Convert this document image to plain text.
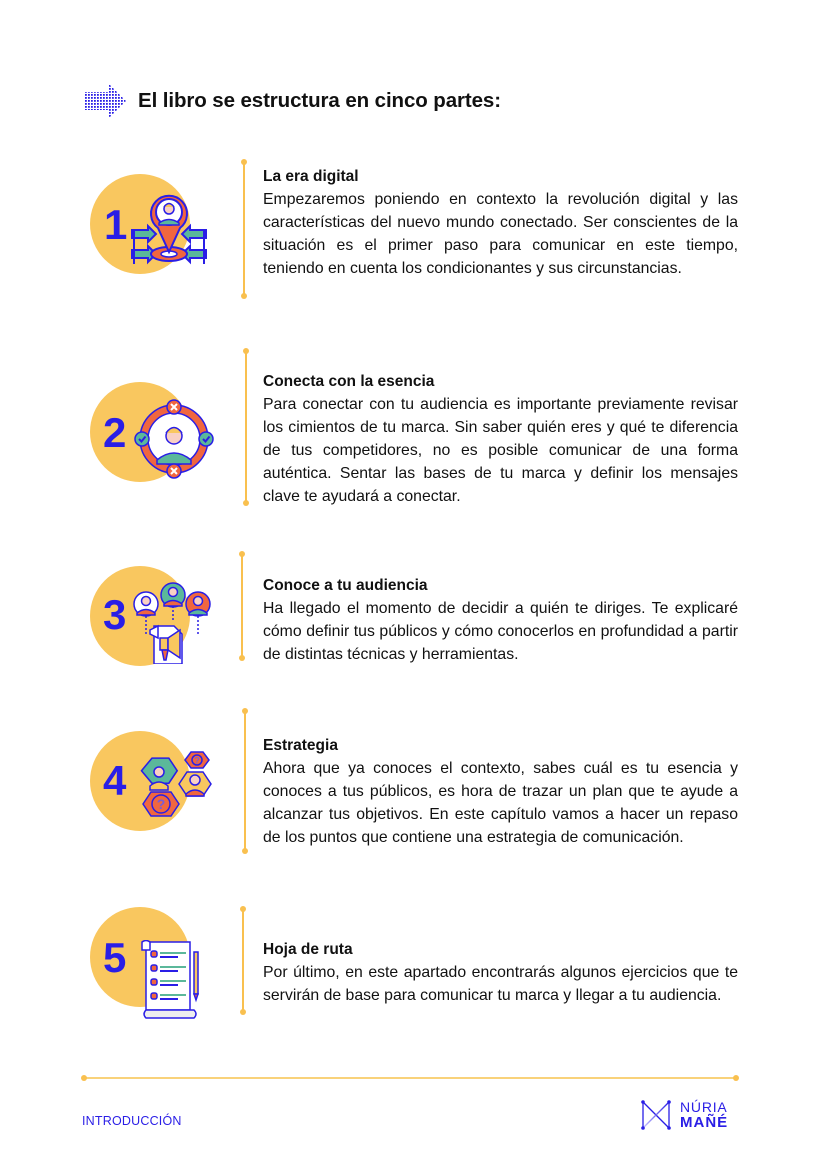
El libro se estructura en cinco partes:
1
La era digital
Empezaremos poniendo en contexto la revolución digital y las características del nuevo mundo conectado. Ser conscientes de la situación es el primer paso para comunicar en este tiempo, teniendo en cuenta los condicionantes y sus circunstancias.
2
Conecta con la esencia
Para conectar con tu audiencia es importante previamente revisar los cimientos de tu marca. Sin saber quién eres y qué te diferencia de tus competidores, no es posible comunicar de una forma auténtica. Sentar las bases de tu marca y definir los mensajes clave te ayudará a conectar.
3
Conoce a tu audiencia
Ha llegado el momento de decidir a quién te diriges. Te explicaré cómo definir tus públicos y cómo conocerlos en profundidad a partir de distintas técnicas y herramientas.
4	?
?
Estrategia
Ahora que ya conoces el contexto, sabes cuál es tu esencia y conoces a tus públicos, es hora de trazar un plan que te ayude a alcanzar tus objetivos. En este capítulo vamos a hacer un repaso de los puntos que contiene una estrategia de comunicación.
5	Hoja de ruta
Por último, en este apartado encontrarás algunos ejercicios que te servirán de base para comunicar tu marca y llegar a tu audiencia.
INTRODUCCIÓN
NÚRIA
MAÑÉ
